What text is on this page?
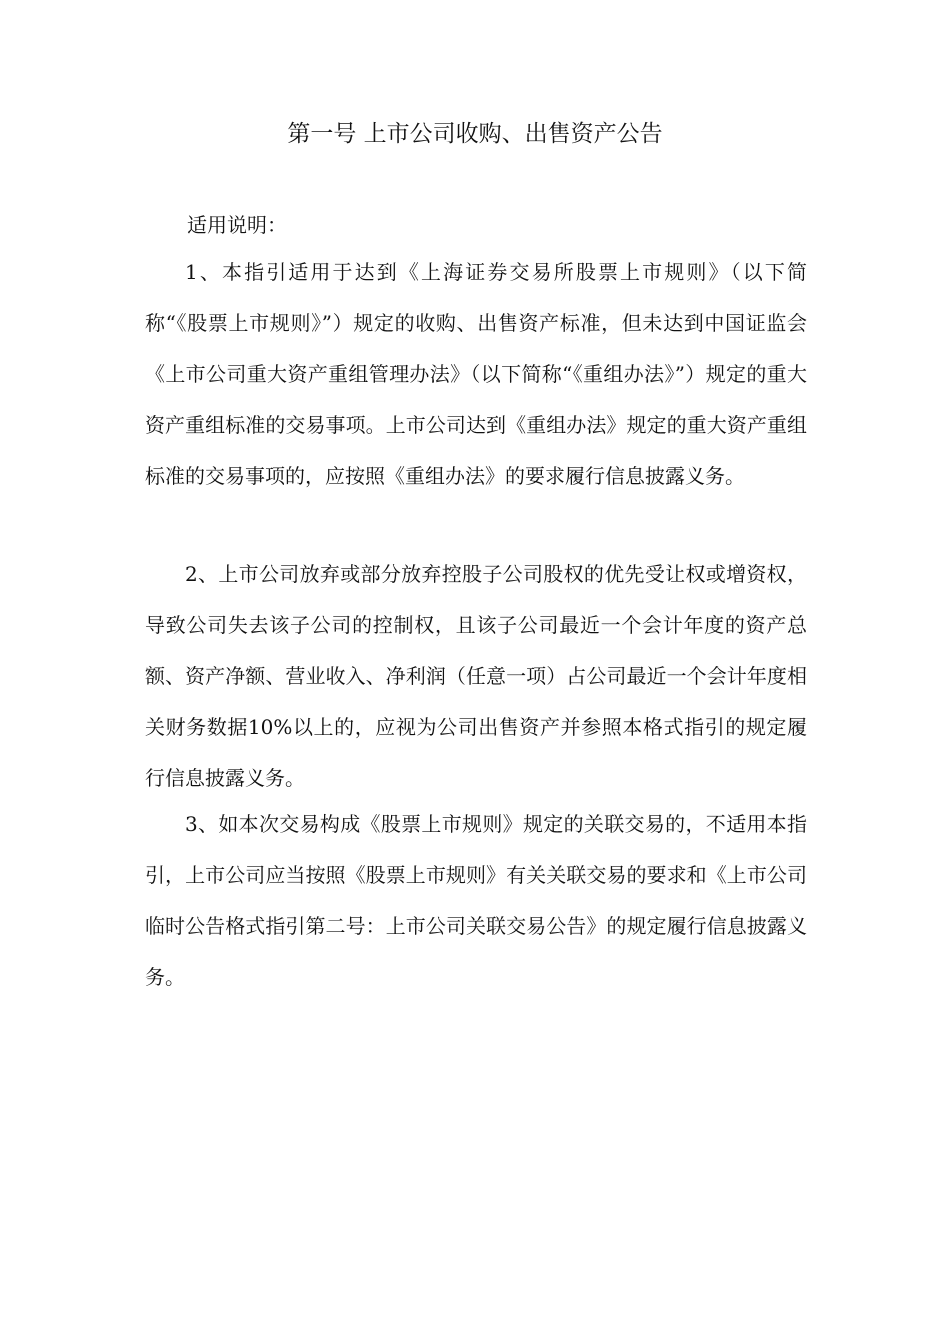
第一号 上市公司收购、出售资产公告
适用说明：

1、本指引适用于达到《上海证券交易所股票上市规则》（以下简称“《股票上市规则》”）规定的收购、出售资产标准，但未达到中国证监会《上市公司重大资产重组管理办法》（以下简称“《重组办法》”）规定的重大资产重组标准的交易事项。上市公司达到《重组办法》规定的重大资产重组标准的交易事项的，应按照《重组办法》的要求履行信息披露义务。

2、上市公司放弃或部分放弃控股子公司股权的优先受让权或增资权，导致公司失去该子公司的控制权，且该子公司最近一个会计年度的资产总额、资产净额、营业收入、净利润（任意一项）占公司最近一个会计年度相关财务数据10%以上的，应视为公司出售资产并参照本格式指引的规定履行信息披露义务。

3、如本次交易构成《股票上市规则》规定的关联交易的，不适用本指引，上市公司应当按照《股票上市规则》有关关联交易的要求和《上市公司临时公告格式指引第二号：上市公司关联交易公告》的规定履行信息披露义务。
